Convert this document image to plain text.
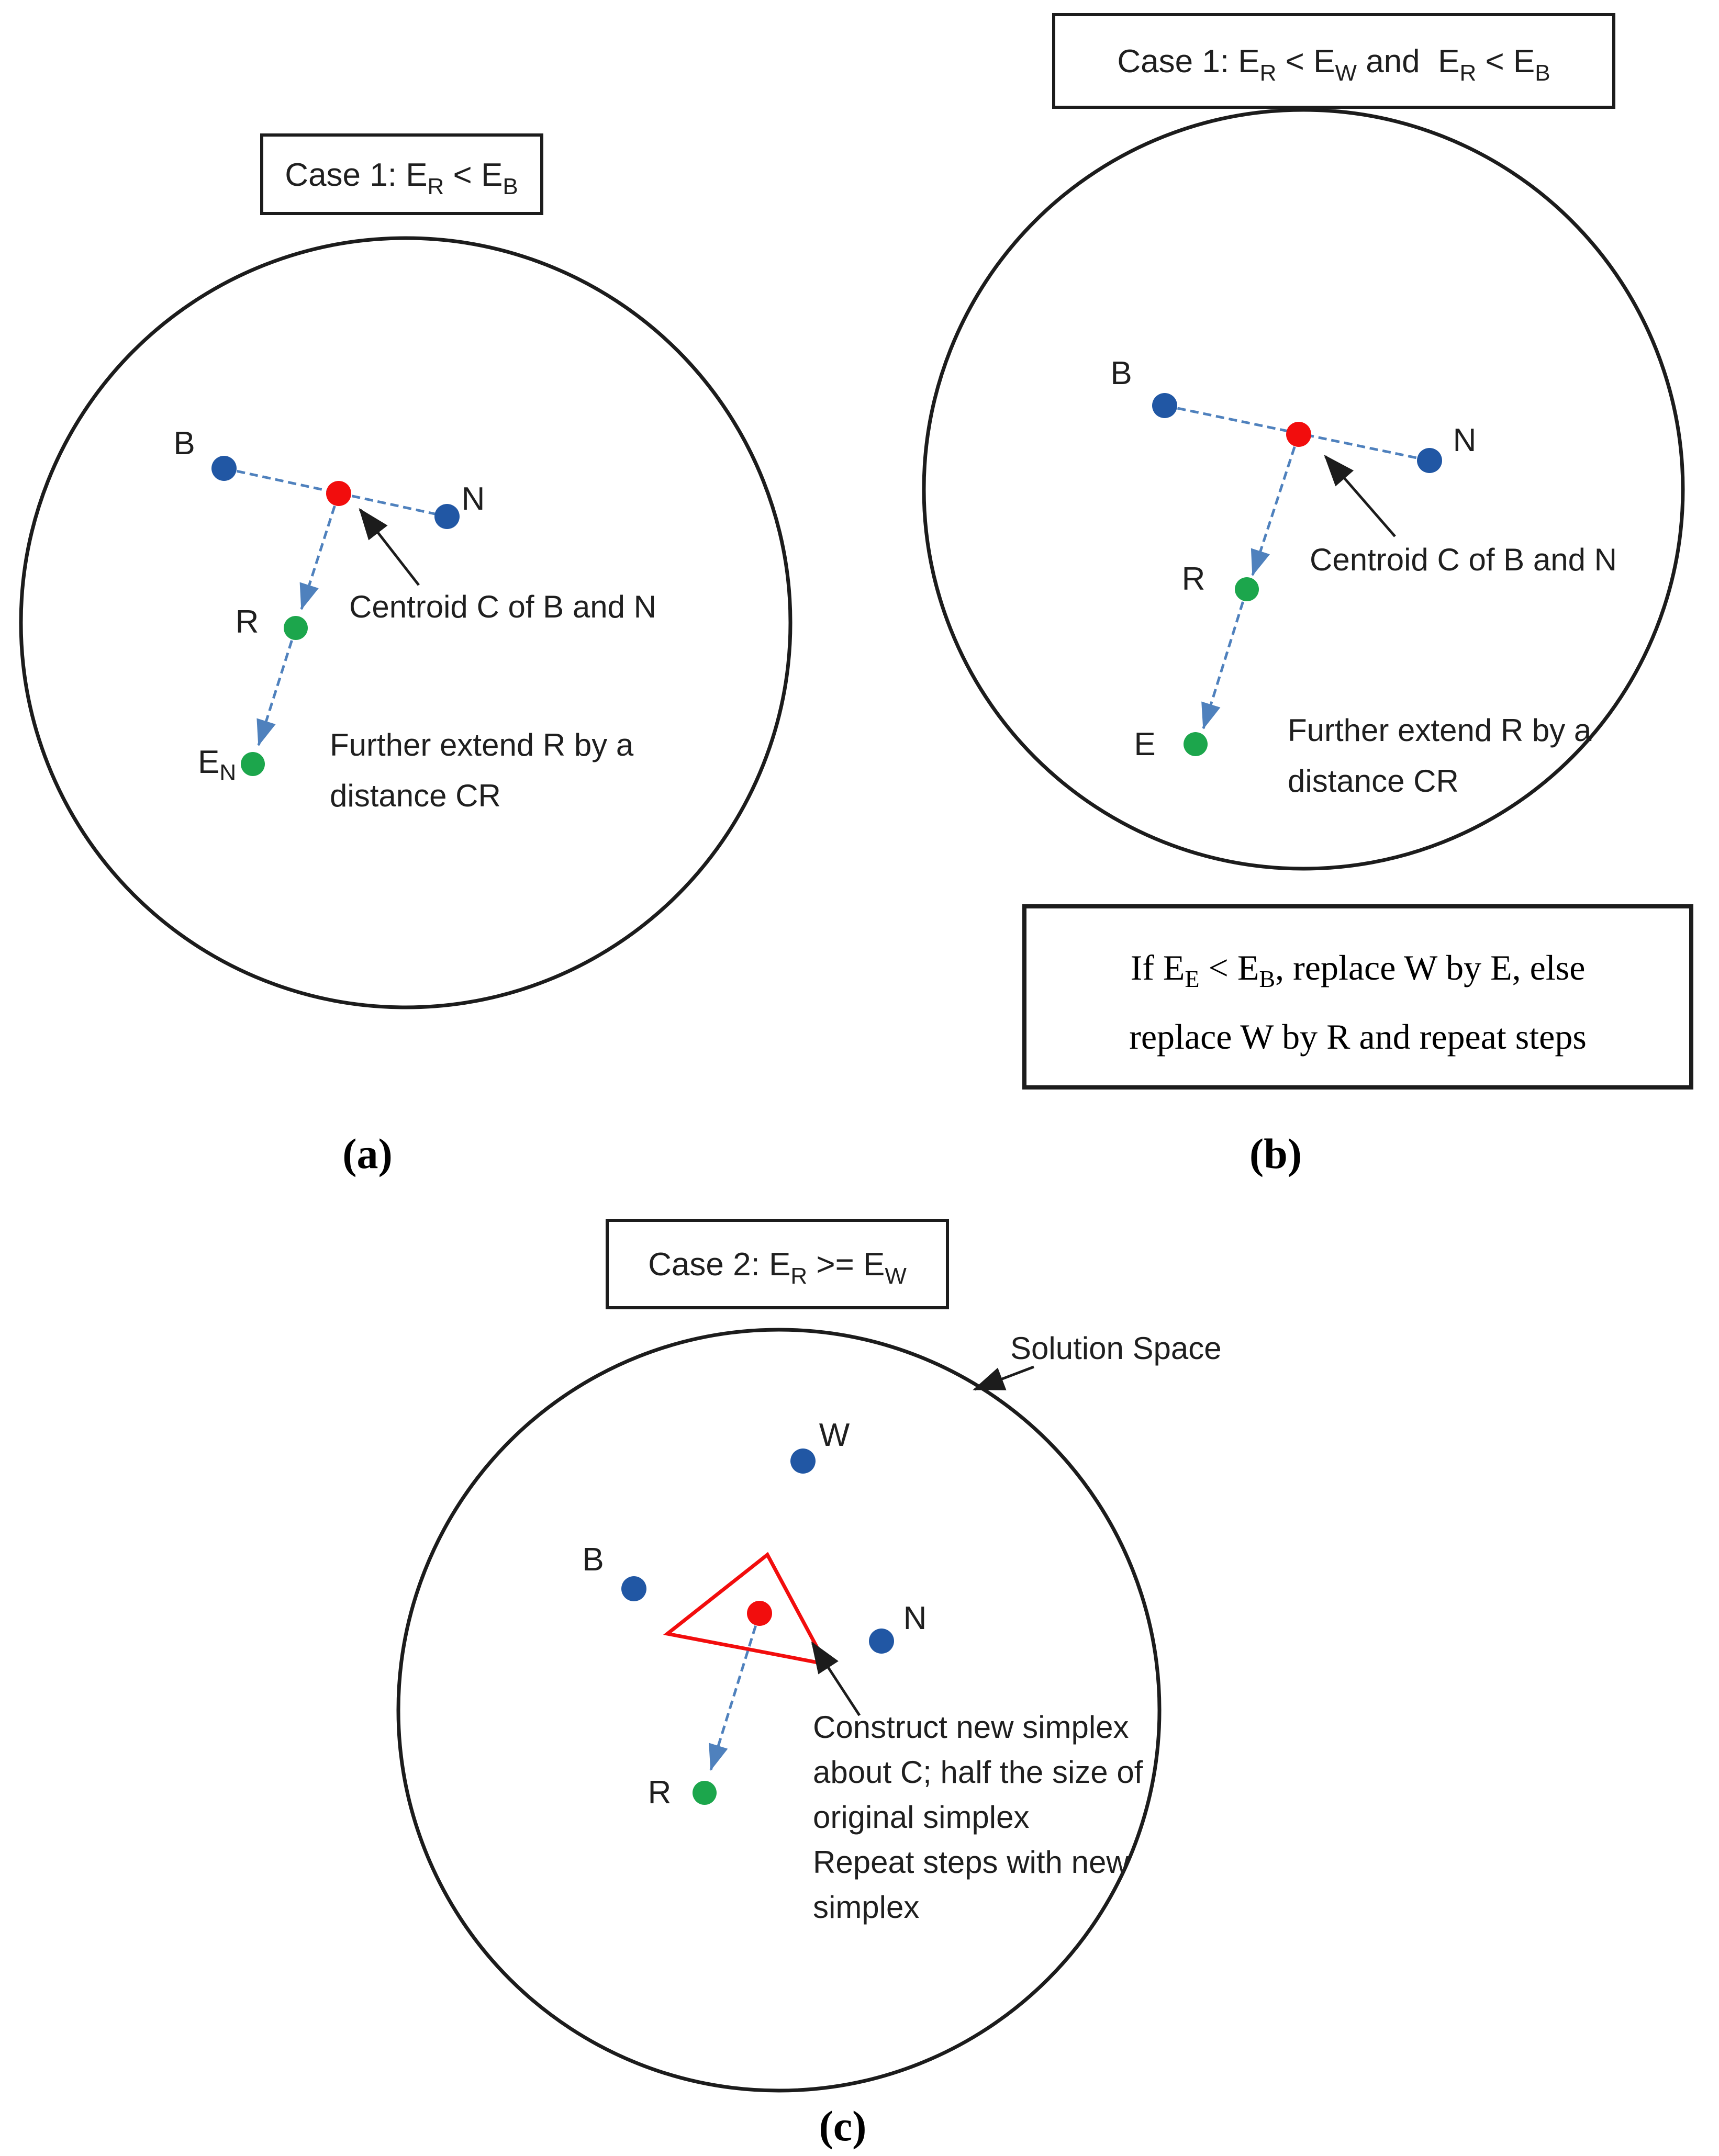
Case 1: $E_R < E_B$
B
N
R
$E_N$
Centroid C of B and N
Further extend R by a
distance CR
(a)
Case 1: $E_R < E_W$ and  $E_R < E_B$
B
N
R
E
Centroid C of B and N
Further extend R by a
distance CR
If $E_E < E_B$, replace W by E, else
replace W by R and repeat steps
(b)
Case 2: $E_R >= E_W$
Solution Space
W
B
N
R
Construct new simplex
about C; half the size of
original simplex
Repeat steps with new
simplex
(c)
